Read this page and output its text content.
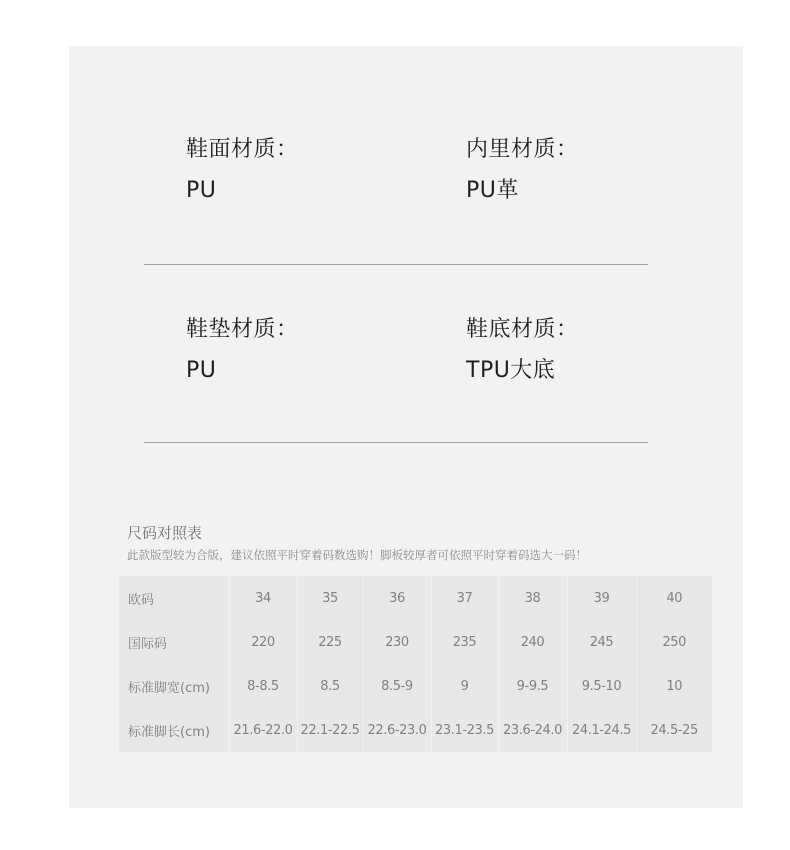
鞋面材质：
PU
内里材质：
PU革
鞋垫材质：
PU
鞋底材质：
TPU大底
尺码对照表
此款版型较为合版，建议依照平时穿着码数选购！脚板较厚者可依照平时穿着码选大一码！
欧码	34	35	36	37	38	39	40
国际码	220	225	230	235	240	245	250
标准脚宽(cm)	8-8.5	8.5	8.5-9	9	9-9.5	9.5-10	10
标准脚长(cm)	21.6-22.0	22.1-22.5	22.6-23.0	23.1-23.5	23.6-24.0	24.1-24.5	24.5-25
